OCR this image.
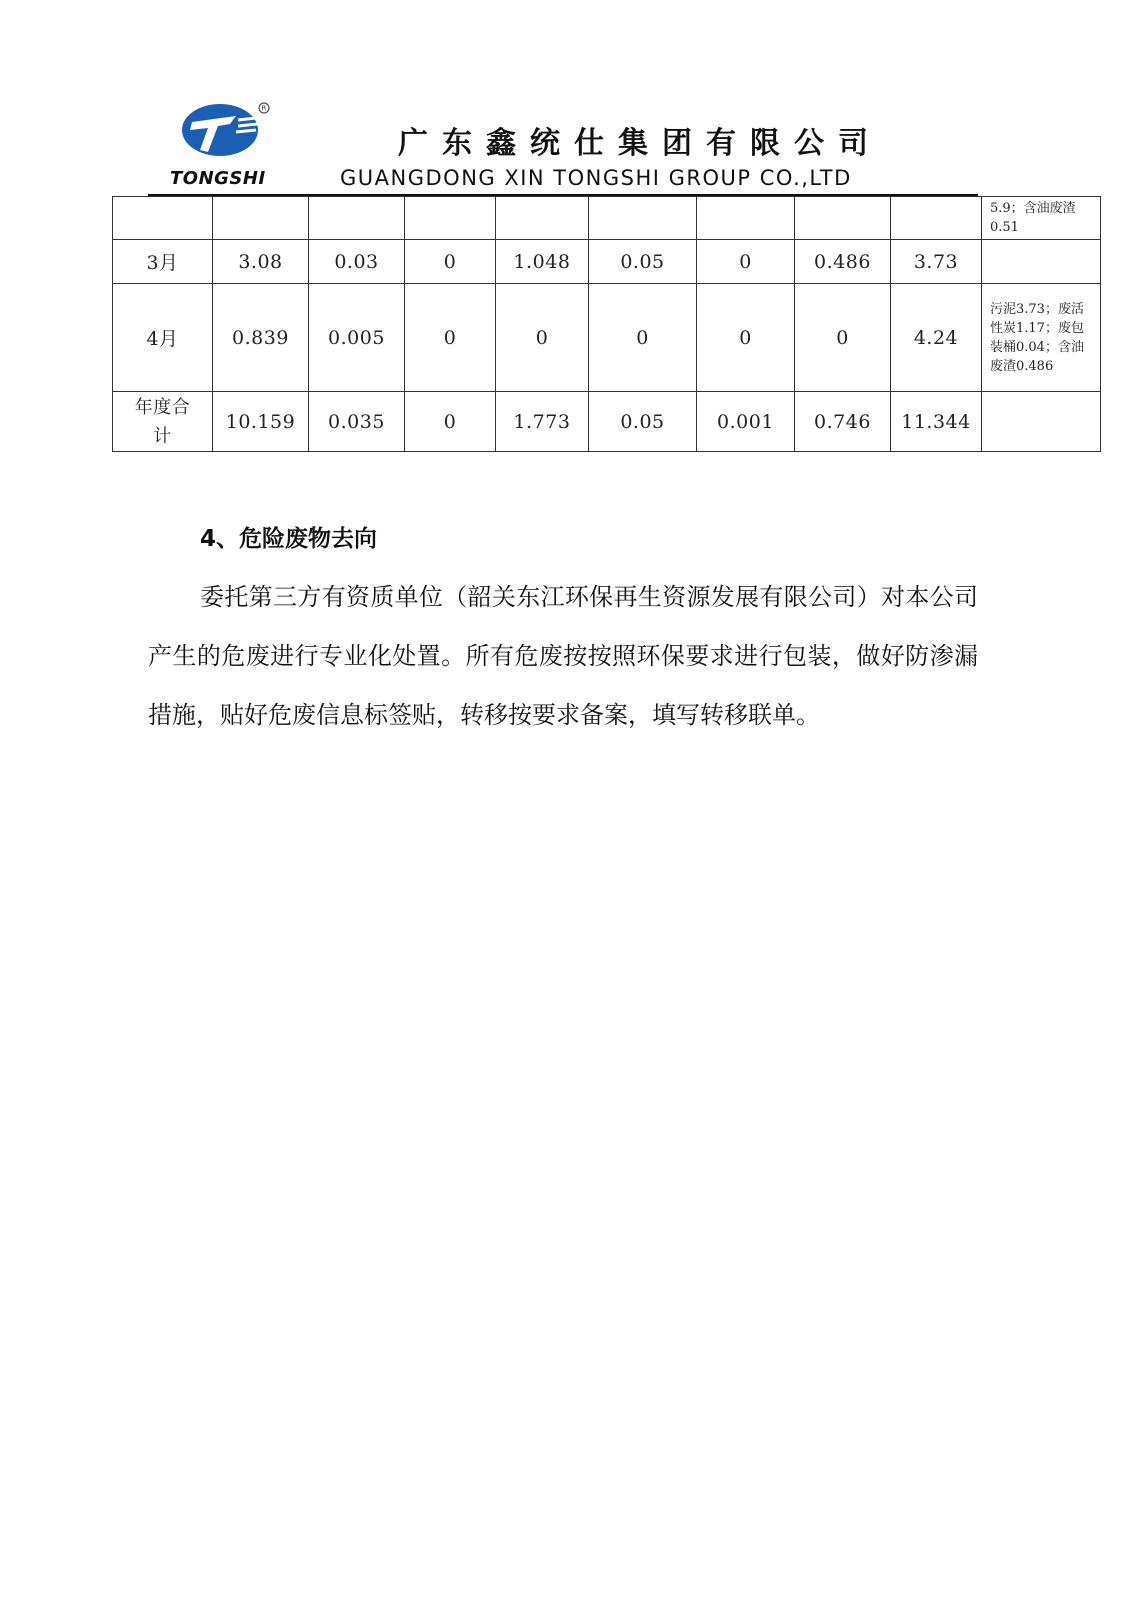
R
TONGSHI
广东鑫统仕集团有限公司
GUANGDONG XIN TONGSHI GROUP CO.,LTD
									5.9；含油废渣0.51
3月	3.08	0.03	0	1.048	0.05	0	0.486	3.73	
4月	0.839	0.005	0	0	0	0	0	4.24	污泥3.73；废活性炭1.17；废包装桶0.04；含油废渣0.486
年度合计	10.159	0.035	0	1.773	0.05	0.001	0.746	11.344	
4、危险废物去向
委托第三方有资质单位（韶关东江环保再生资源发展有限公司）对本公司产生的危废进行专业化处置。所有危废按按照环保要求进行包装，做好防渗漏措施，贴好危废信息标签贴，转移按要求备案，填写转移联单。
